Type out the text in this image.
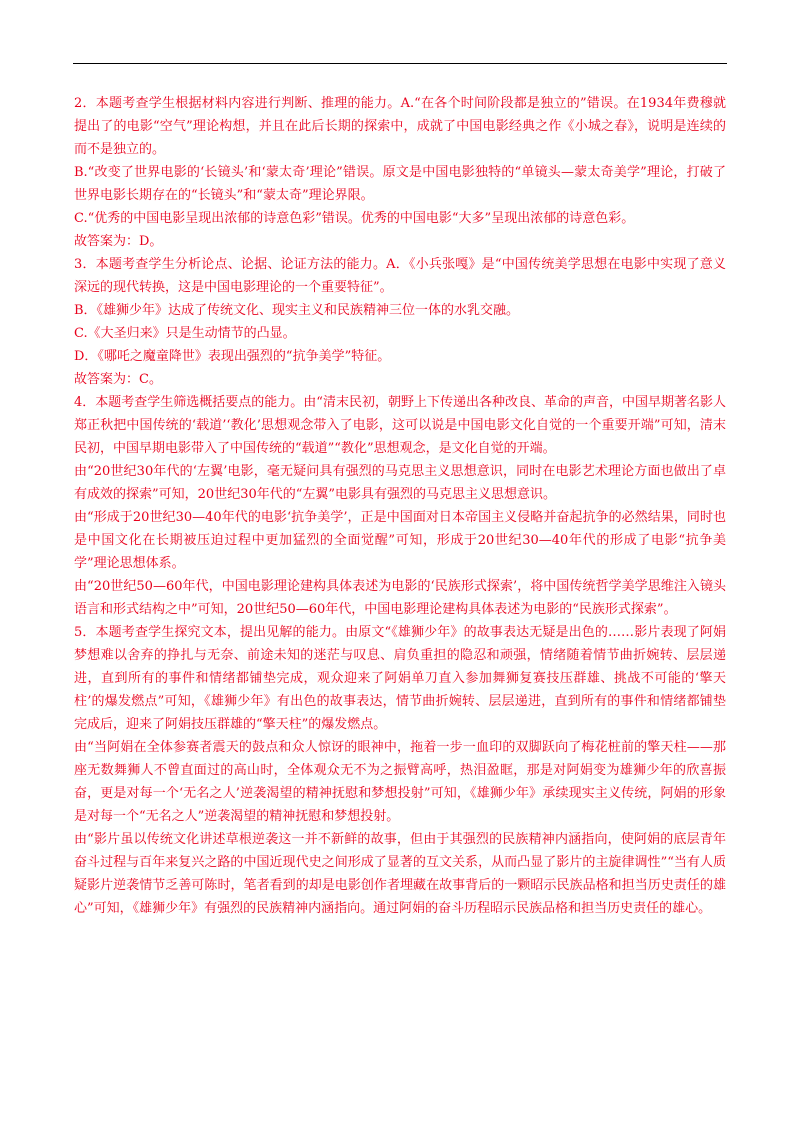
2．本题考查学生根据材料内容进行判断、推理的能力。A.“在各个时间阶段都是独立的”错误。在1934年费穆就提出了的电影“空气”理论构想，并且在此后长期的探索中，成就了中国电影经典之作《小城之春》，说明是连续的而不是独立的。

B.“改变了世界电影的‘长镜头’和‘蒙太奇’理论”错误。原文是中国电影独特的“单镜头—蒙太奇美学”理论，打破了世界电影长期存在的“长镜头”和“蒙太奇”理论界限。

C.“优秀的中国电影呈现出浓郁的诗意色彩”错误。优秀的中国电影“大多”呈现出浓郁的诗意色彩。

故答案为：D。

3．本题考查学生分析论点、论据、论证方法的能力。A．《小兵张嘎》是“中国传统美学思想在电影中实现了意义深远的现代转换，这是中国电影理论的一个重要特征”。

B．《雄狮少年》达成了传统文化、现实主义和民族精神三位一体的水乳交融。

C.《大圣归来》只是生动情节的凸显。

D．《哪吒之魔童降世》表现出强烈的“抗争美学”特征。

故答案为：C。

4．本题考查学生筛选概括要点的能力。由“清末民初，朝野上下传递出各种改良、革命的声音，中国早期著名影人郑正秋把中国传统的‘载道’‘教化’思想观念带入了电影，这可以说是中国电影文化自觉的一个重要开端”可知，清末民初，中国早期电影带入了中国传统的“载道”“教化”思想观念，是文化自觉的开端。

由“20世纪30年代的‘左翼’电影，毫无疑问具有强烈的马克思主义思想意识，同时在电影艺术理论方面也做出了卓有成效的探索”可知，20世纪30年代的“左翼”电影具有强烈的马克思主义思想意识。

由“形成于20世纪30—40年代的电影‘抗争美学’，正是中国面对日本帝国主义侵略并奋起抗争的必然结果，同时也是中国文化在长期被压迫过程中更加猛烈的全面觉醒”可知，形成于20世纪30—40年代的形成了电影“抗争美学”理论思想体系。

由“20世纪50—60年代，中国电影理论建构具体表述为电影的‘民族形式探索’，将中国传统哲学美学思维注入镜头语言和形式结构之中”可知，20世纪50—60年代，中国电影理论建构具体表述为电影的“民族形式探索”。

5．本题考查学生探究文本，提出见解的能力。由原文“《雄狮少年》的故事表达无疑是出色的……影片表现了阿娟梦想难以舍弃的挣扎与无奈、前途未知的迷茫与叹息、肩负重担的隐忍和顽强，情绪随着情节曲折婉转、层层递进，直到所有的事件和情绪都铺垫完成，观众迎来了阿娟单刀直入参加舞狮复赛技压群雄、挑战不可能的‘擎天柱’的爆发燃点”可知，《雄狮少年》有出色的故事表达，情节曲折婉转、层层递进，直到所有的事件和情绪都铺垫完成后，迎来了阿娟技压群雄的“擎天柱”的爆发燃点。

由“当阿娟在全体参赛者震天的鼓点和众人惊讶的眼神中，拖着一步一血印的双脚跃向了梅花桩前的擎天柱——那座无数舞狮人不曾直面过的高山时，全体观众无不为之振臂高呼，热泪盈眶，那是对阿娟变为雄狮少年的欣喜振奋，更是对每一个‘无名之人’逆袭渴望的精神抚慰和梦想投射”可知，《雄狮少年》承续现实主义传统，阿娟的形象是对每一个“无名之人”逆袭渴望的精神抚慰和梦想投射。

由“影片虽以传统文化讲述草根逆袭这一并不新鲜的故事，但由于其强烈的民族精神内涵指向，使阿娟的底层青年奋斗过程与百年来复兴之路的中国近现代史之间形成了显著的互文关系，从而凸显了影片的主旋律调性”“当有人质疑影片逆袭情节乏善可陈时，笔者看到的却是电影创作者埋藏在故事背后的一颗昭示民族品格和担当历史责任的雄心”可知，《雄狮少年》有强烈的民族精神内涵指向。通过阿娟的奋斗历程昭示民族品格和担当历史责任的雄心。
